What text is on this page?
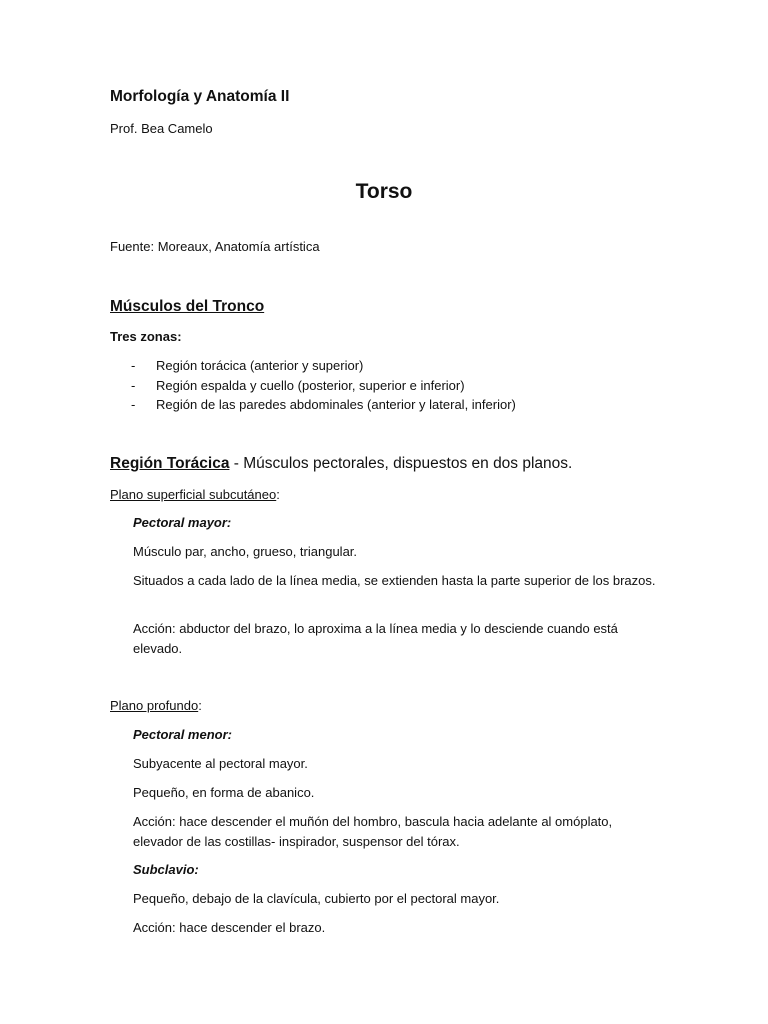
Morfología y Anatomía II
Prof. Bea Camelo
Torso
Fuente: Moreaux, Anatomía artística
Músculos del Tronco
Tres zonas:
- Región torácica (anterior y superior)
- Región espalda y cuello (posterior, superior e inferior)
- Región de las paredes abdominales (anterior y lateral, inferior)
Región Torácica - Músculos pectorales, dispuestos en dos planos.
Plano superficial subcutáneo:
Pectoral mayor:
Músculo par, ancho, grueso, triangular.
Situados a cada lado de la línea media, se extienden hasta la parte superior de los brazos.
Acción: abductor del brazo, lo aproxima a la línea media y lo desciende cuando está elevado.
Plano profundo:
Pectoral menor:
Subyacente al pectoral mayor.
Pequeño, en forma de abanico.
Acción: hace descender el muñón del hombro, bascula hacia adelante al omóplato, elevador de las costillas- inspirador, suspensor del tórax.
Subclavio:
Pequeño, debajo de la clavícula, cubierto por el pectoral mayor.
Acción: hace descender el brazo.
